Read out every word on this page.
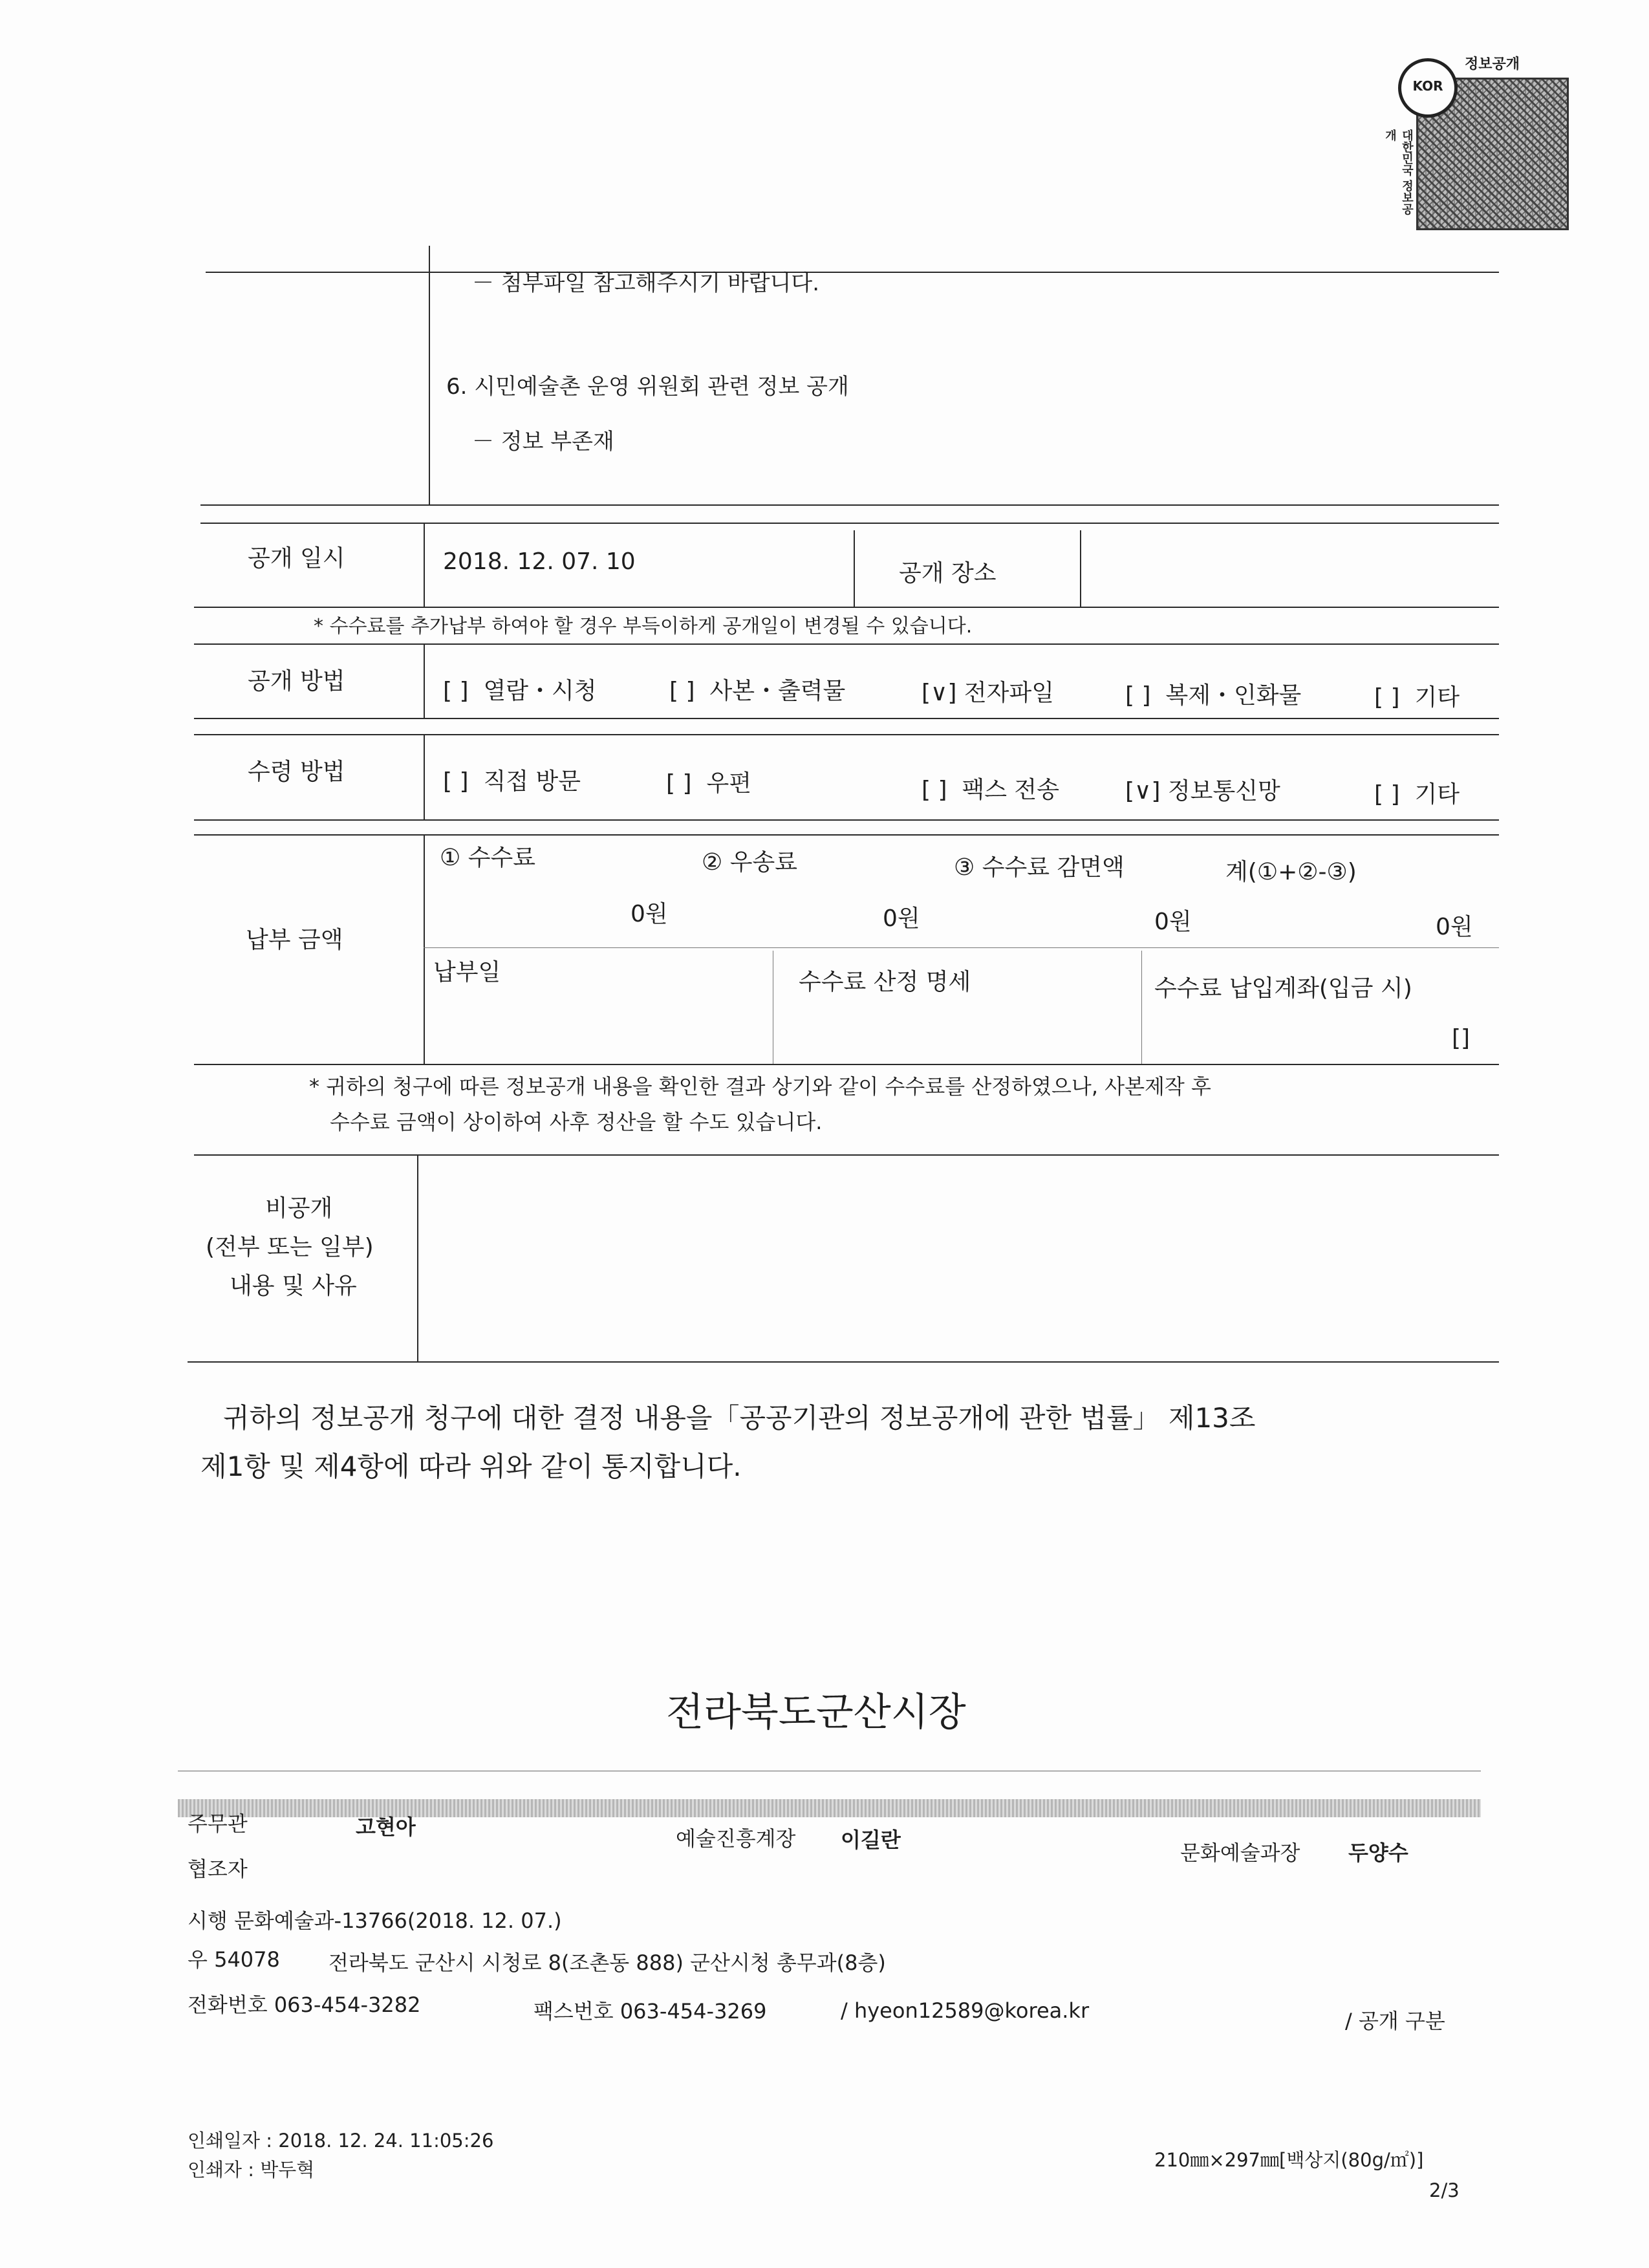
KOR
정보공개
대한민국 정보공개
－ 첨부파일 참고해주시기 바랍니다.
6. 시민예술촌 운영 위원회 관련 정보 공개
－ 정보 부존재
공개 일시	2018. 12. 07. 10	공개 장소
* 수수료를 추가납부 하여야 할 경우 부득이하게 공개일이 변경될 수 있습니다.
공개 방법	[ ] 열람・시청	[ ] 사본・출력물	[∨] 전자파일	[ ] 복제・인화물	[ ] 기타
수령 방법	[ ] 직접 방문	[ ] 우편	[ ] 팩스 전송	[∨] 정보통신망	[ ] 기타
납부 금액
① 수수료	② 우송료	③ 수수료 감면액	계(①+②-③)
0원	0원	0원	0원
납부일	수수료 산정 명세	수수료 납입계좌(입금 시)
[]
* 귀하의 청구에 따른 정보공개 내용을 확인한 결과 상기와 같이 수수료를 산정하였으나, 사본제작 후
수수료 금액이 상이하여 사후 정산을 할 수도 있습니다.
비공개
(전부 또는 일부)
내용 및 사유
귀하의 정보공개 청구에 대한 결정 내용을「공공기관의 정보공개에 관한 법률」 제13조
제1항 및 제4항에 따라 위와 같이 통지합니다.
전라북도군산시장
주무관	고현아	예술진흥계장 이길란
문화예술과장 두양수
협조자
시행 문화예술과-13766(2018. 12. 07.)
우 54078 전라북도 군산시 시청로 8(조촌동 888) 군산시청 총무과(8층)
전화번호 063-454-3282	팩스번호 063-454-3269	/ hyeon12589@korea.kr	/ 공개 구분
인쇄일자 : 2018. 12. 24. 11:05:26
인쇄자 : 박두혁	210㎜×297㎜[백상지(80g/㎡)]
2/3
